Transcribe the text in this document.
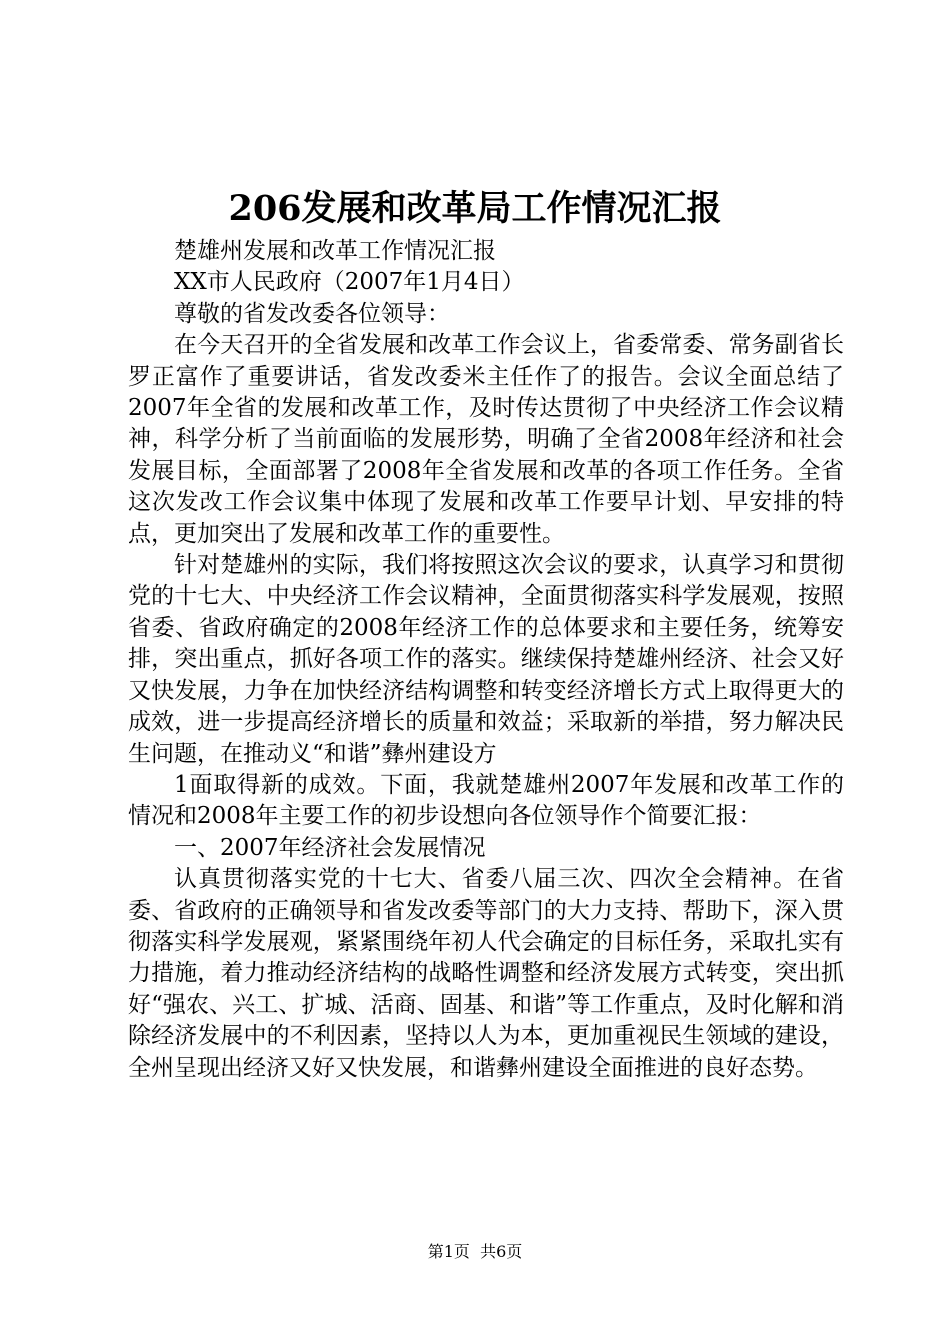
206发展和改革局工作情况汇报

楚雄州发展和改革工作情况汇报

XX市人民政府（2007年1月4日）

尊敬的省发改委各位领导：

在今天召开的全省发展和改革工作会议上，省委常委、常务副省长罗正富作了重要讲话，省发改委米主任作了的报告。会议全面总结了2007年全省的发展和改革工作，及时传达贯彻了中央经济工作会议精神，科学分析了当前面临的发展形势，明确了全省2008年经济和社会发展目标，全面部署了2008年全省发展和改革的各项工作任务。全省这次发改工作会议集中体现了发展和改革工作要早计划、早安排的特点，更加突出了发展和改革工作的重要性。

针对楚雄州的实际，我们将按照这次会议的要求，认真学习和贯彻党的十七大、中央经济工作会议精神，全面贯彻落实科学发展观，按照省委、省政府确定的2008年经济工作的总体要求和主要任务，统筹安排，突出重点，抓好各项工作的落实。继续保持楚雄州经济、社会又好又快发展，力争在加快经济结构调整和转变经济增长方式上取得更大的成效，进一步提高经济增长的质量和效益；采取新的举措，努力解决民生问题，在推动义“和谐”彝州建设方

1面取得新的成效。下面，我就楚雄州2007年发展和改革工作的情况和2008年主要工作的初步设想向各位领导作个简要汇报：

一、2007年经济社会发展情况

认真贯彻落实党的十七大、省委八届三次、四次全会精神。在省委、省政府的正确领导和省发改委等部门的大力支持、帮助下，深入贯彻落实科学发展观，紧紧围绕年初人代会确定的目标任务，采取扎实有力措施，着力推动经济结构的战略性调整和经济发展方式转变，突出抓好“强农、兴工、扩城、活商、固基、和谐”等工作重点，及时化解和消除经济发展中的不利因素，坚持以人为本，更加重视民生领域的建设，全州呈现出经济又好又快发展，和谐彝州建设全面推进的良好态势。

第1页 共6页
